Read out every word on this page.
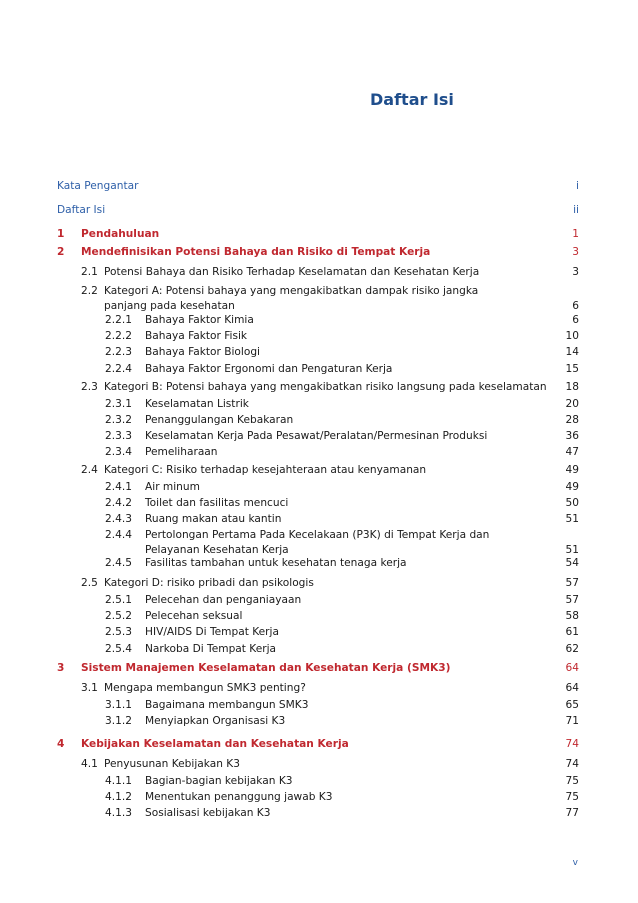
Daftar Isi
Kata Pengantar	i
Daftar Isi	ii
1 Pendahuluan	1
2 Mendefinisikan Potensi Bahaya dan Risiko di Tempat Kerja	3
2.1 Potensi Bahaya dan Risiko Terhadap Keselamatan dan Kesehatan Kerja	3
2.2 Kategori A: Potensi bahaya yang mengakibatkan dampak risiko jangka
panjang pada kesehatan	6
2.2.1 Bahaya Faktor Kimia	6
2.2.2 Bahaya Faktor Fisik	10
2.2.3 Bahaya Faktor Biologi	14
2.2.4 Bahaya Faktor Ergonomi dan Pengaturan Kerja	15
2.3 Kategori B: Potensi bahaya yang mengakibatkan risiko langsung pada keselamatan 18
2.3.1 Keselamatan Listrik	20
2.3.2 Penanggulangan Kebakaran	28
2.3.3 Keselamatan Kerja Pada Pesawat/Peralatan/Permesinan Produksi	36
2.3.4 Pemeliharaan	47
2.4 Kategori C: Risiko terhadap kesejahteraan atau kenyamanan	49
2.4.1 Air minum	49
2.4.2 Toilet dan fasilitas mencuci	50
2.4.3 Ruang makan atau kantin	51
2.4.4 Pertolongan Pertama Pada Kecelakaan (P3K) di Tempat Kerja dan
Pelayanan Kesehatan Kerja	51
2.4.5 Fasilitas tambahan untuk kesehatan tenaga kerja	54
2.5 Kategori D: risiko pribadi dan psikologis	57
2.5.1 Pelecehan dan penganiayaan	57
2.5.2 Pelecehan seksual	58
2.5.3 HIV/AIDS Di Tempat Kerja	61
2.5.4 Narkoba Di Tempat Kerja	62
3 Sistem Manajemen Keselamatan dan Kesehatan Kerja (SMK3)	64
3.1 Mengapa membangun SMK3 penting?	64
3.1.1 Bagaimana membangun SMK3	65
3.1.2 Menyiapkan Organisasi K3	71
4 Kebijakan Keselamatan dan Kesehatan Kerja	74
4.1 Penyusunan Kebijakan K3	74
4.1.1 Bagian-bagian kebijakan K3	75
4.1.2 Menentukan penanggung jawab K3	75
4.1.3 Sosialisasi kebijakan K3	77
v
